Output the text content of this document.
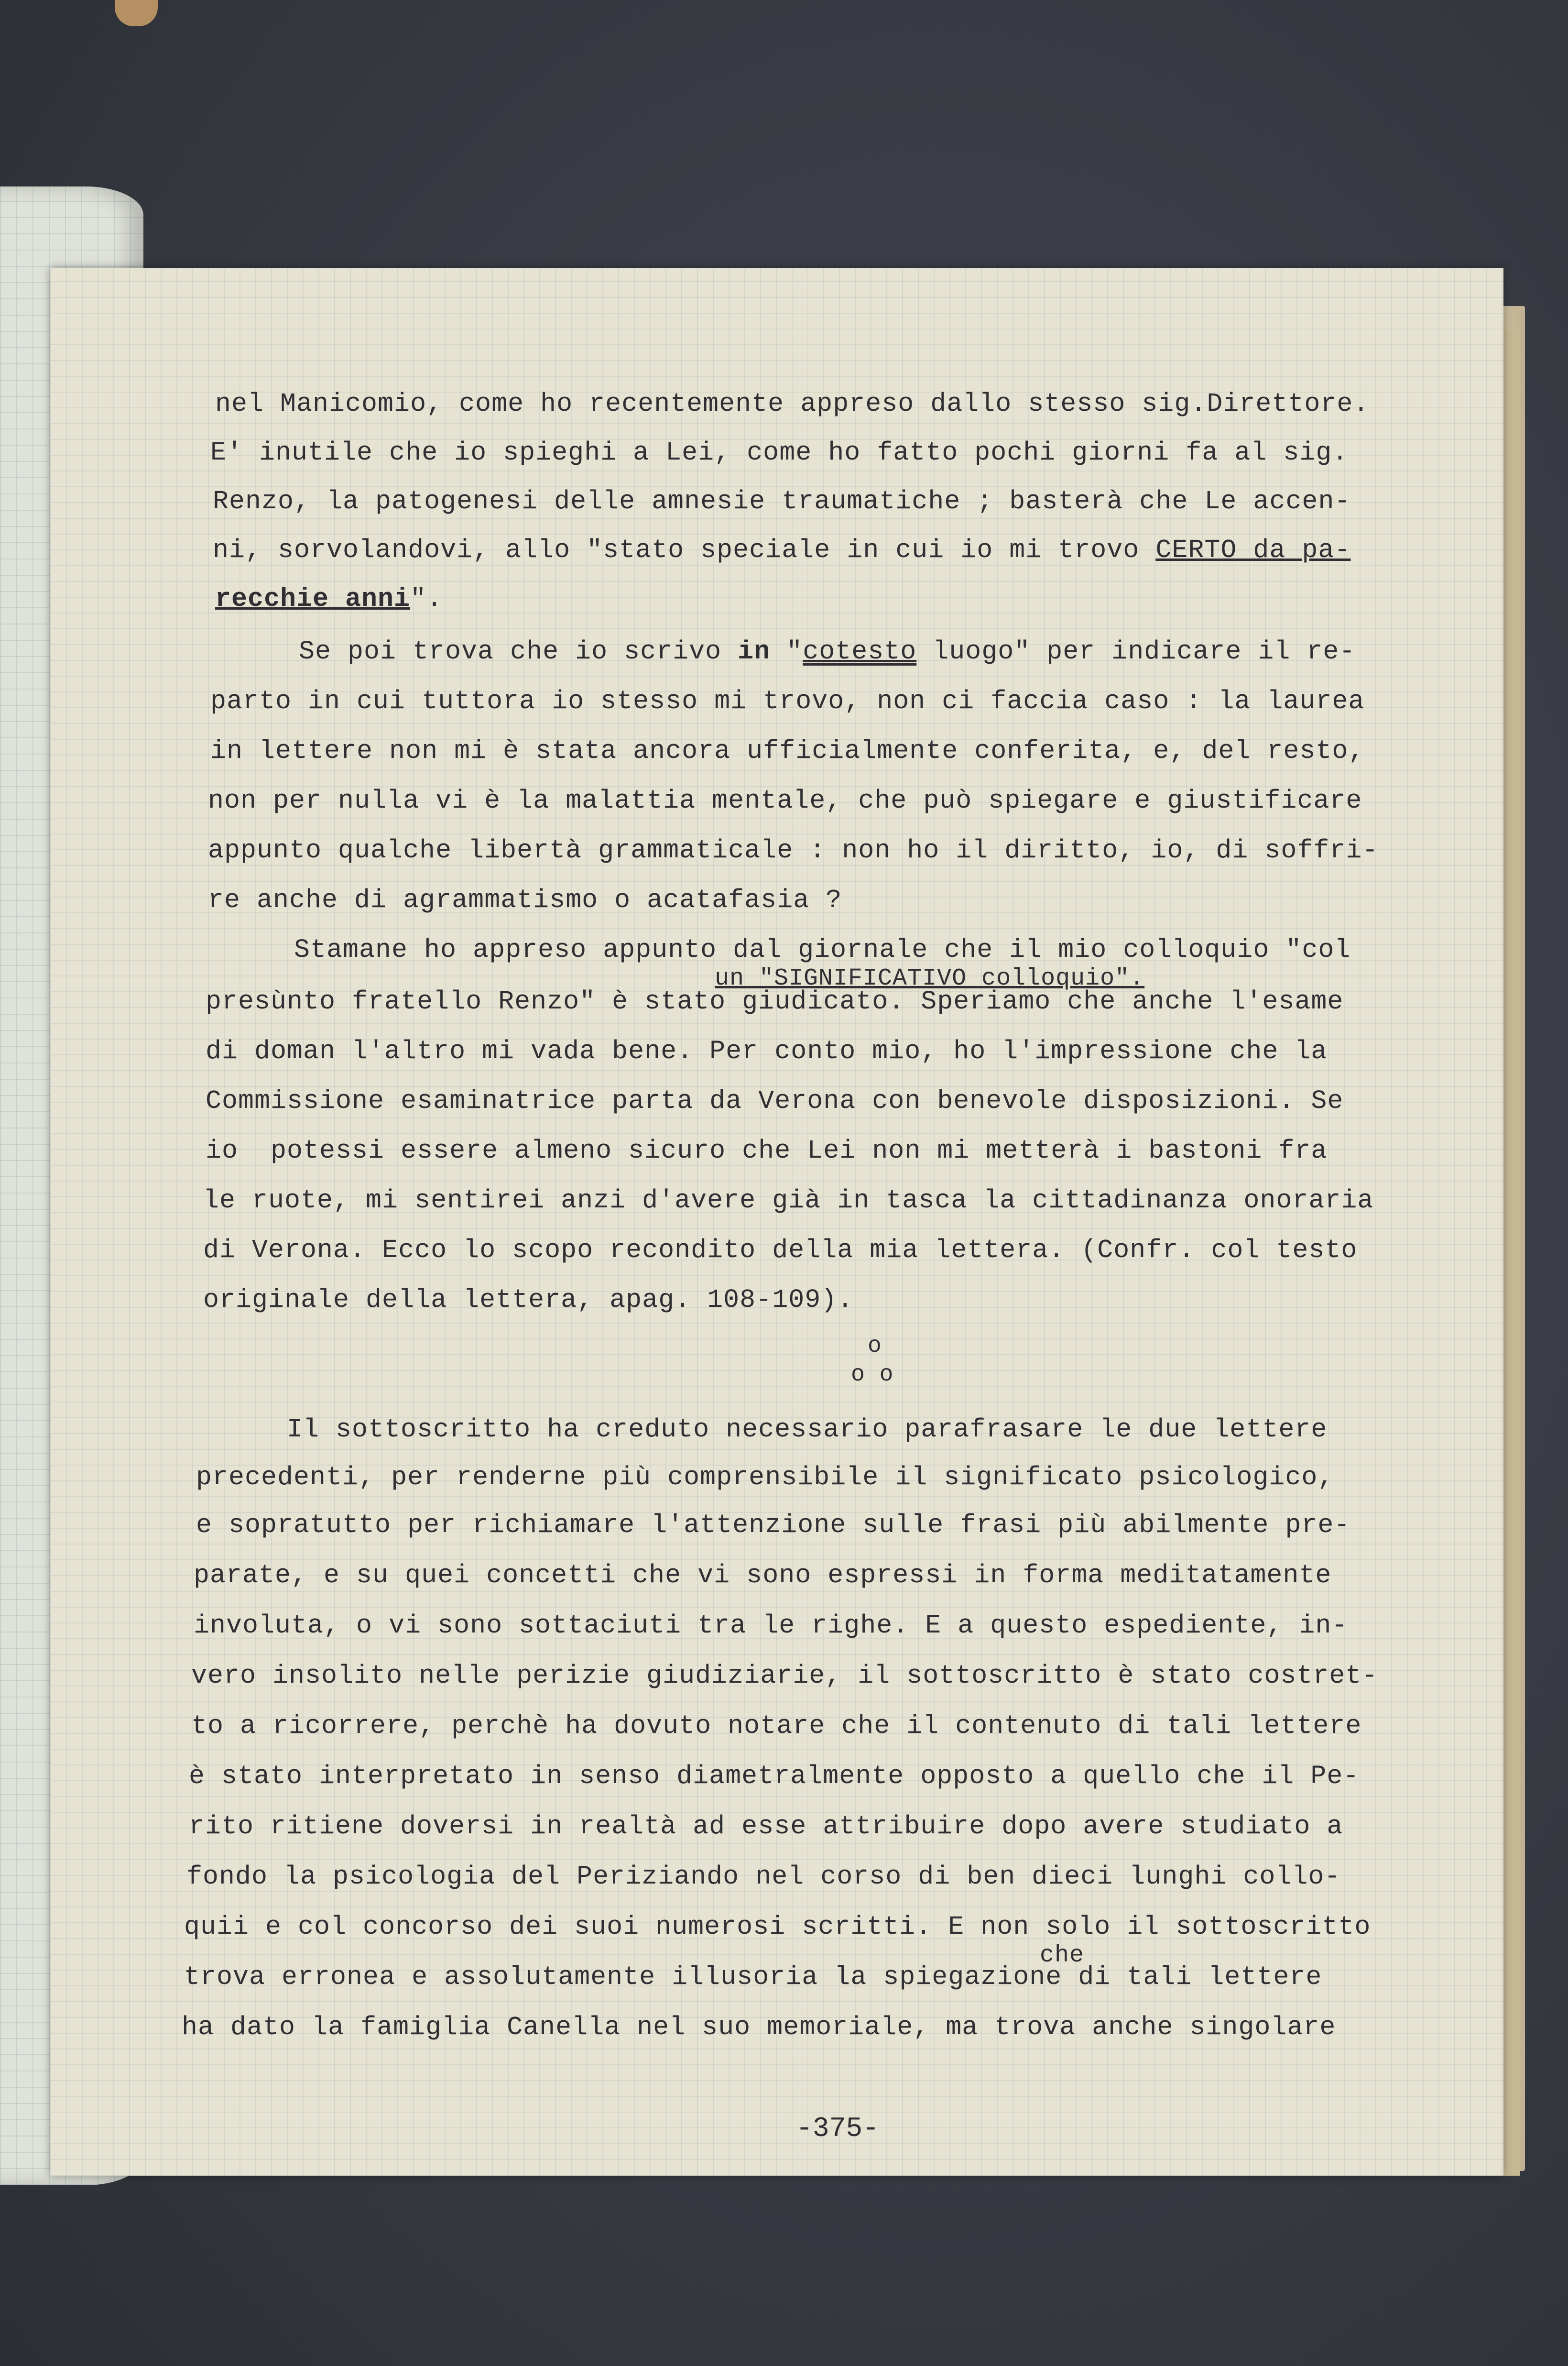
nel Manicomio, come ho recentemente appreso dallo stesso sig.Direttore.
E' inutile che io spieghi a Lei, come ho fatto pochi giorni fa al sig.
Renzo, la patogenesi delle amnesie traumatiche ; basterà che Le accen-
ni, sorvolandovi, allo "stato speciale in cui io mi trovo CERTO da pa-
recchie anni".
Se poi trova che io scrivo in "cotesto luogo" per indicare il re-
parto in cui tuttora io stesso mi trovo, non ci faccia caso : la laurea
in lettere non mi è stata ancora ufficialmente conferita, e, del resto,
non per nulla vi è la malattia mentale, che può spiegare e giustificare
appunto qualche libertà grammaticale : non ho il diritto, io, di soffri-
re anche di agrammatismo o acatafasia ?
Stamane ho appreso appunto dal giornale che il mio colloquio "col
un "SIGNIFICATIVO colloquio".
presùnto fratello Renzo" è stato giudicato. Speriamo che anche l'esame
di doman l'altro mi vada bene. Per conto mio, ho l'impressione che la
Commissione esaminatrice parta da Verona con benevole disposizioni. Se
io  potessi essere almeno sicuro che Lei non mi metterà i bastoni fra
le ruote, mi sentirei anzi d'avere già in tasca la cittadinanza onoraria
di Verona. Ecco lo scopo recondito della mia lettera. (Confr. col testo
originale della lettera, apag. 108-109).
o
o o
Il sottoscritto ha creduto necessario parafrasare le due lettere
precedenti, per renderne più comprensibile il significato psicologico,
e sopratutto per richiamare l'attenzione sulle frasi più abilmente pre-
parate, e su quei concetti che vi sono espressi in forma meditatamente
involuta, o vi sono sottaciuti tra le righe. E a questo espediente, in-
vero insolito nelle perizie giudiziarie, il sottoscritto è stato costret-
to a ricorrere, perchè ha dovuto notare che il contenuto di tali lettere
è stato interpretato in senso diametralmente opposto a quello che il Pe-
rito ritiene doversi in realtà ad esse attribuire dopo avere studiato a
fondo la psicologia del Periziando nel corso di ben dieci lunghi collo-
quii e col concorso dei suoi numerosi scritti. E non solo il sottoscritto
che
trova erronea e assolutamente illusoria la spiegazione di tali lettere
ha dato la famiglia Canella nel suo memoriale, ma trova anche singolare
-375-
